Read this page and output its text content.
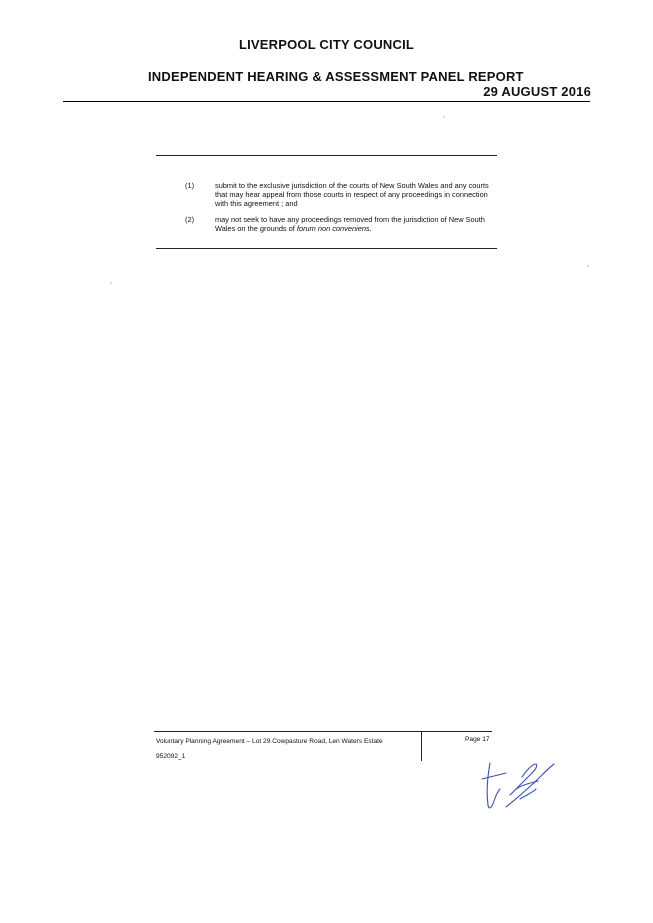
LIVERPOOL CITY COUNCIL
INDEPENDENT HEARING & ASSESSMENT PANEL REPORT
29 AUGUST 2016
(1)	submit to the exclusive jurisdiction of the courts of New South Wales and any courts that may hear appeal from those courts in respect of any proceedings in connection with this agreement ; and
(2)	may not seek to have any proceedings removed from the jurisdiction of New South Wales on the grounds of forum non conveniens.
Voluntary Planning Agreement – Lot 29 Cowpasture Road, Len Waters Estate	Page 17
952092_1
